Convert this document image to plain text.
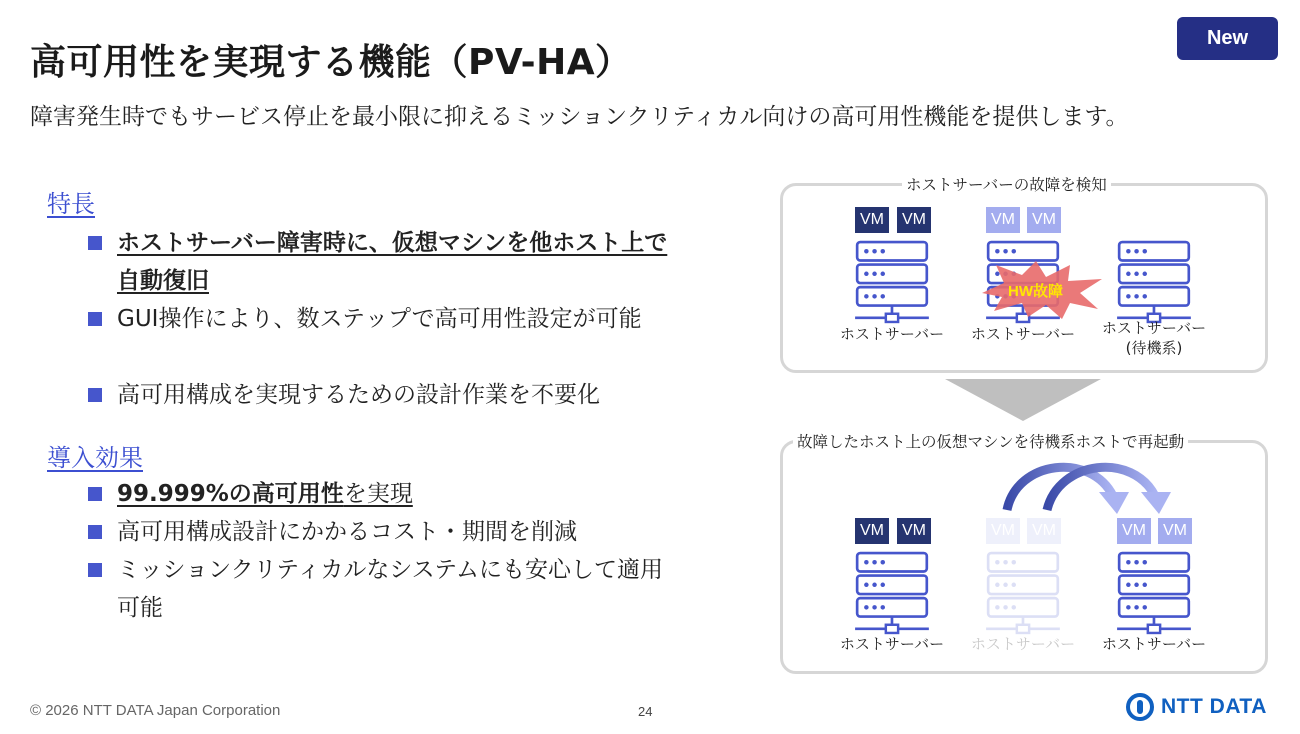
高可用性を実現する機能（PV-HA）
New
障害発生時でもサービス停止を最小限に抑えるミッションクリティカル向けの高可用性機能を提供します。
特長
ホストサーバー障害時に、仮想マシンを他ホスト上で自動復旧
GUI操作により、数ステップで高可用性設定が可能
高可用構成を実現するための設計作業を不要化
導入効果
99.999%の高可用性を実現
高可用構成設計にかかるコスト・期間を削減
ミッションクリティカルなシステムにも安心して適用可能
ホストサーバーの故障を検知
故障したホスト上の仮想マシンを待機系ホストで再起動
VM	VM
ホストサーバー
VM	VM
HW故障
ホストサーバー	ホストサーバー
(待機系)
VM	VM
ホストサーバー
VM	VM
ホストサーバー
VM	VM
ホストサーバー
© 2026 NTT DATA Japan Corporation	24	NTT DATA
